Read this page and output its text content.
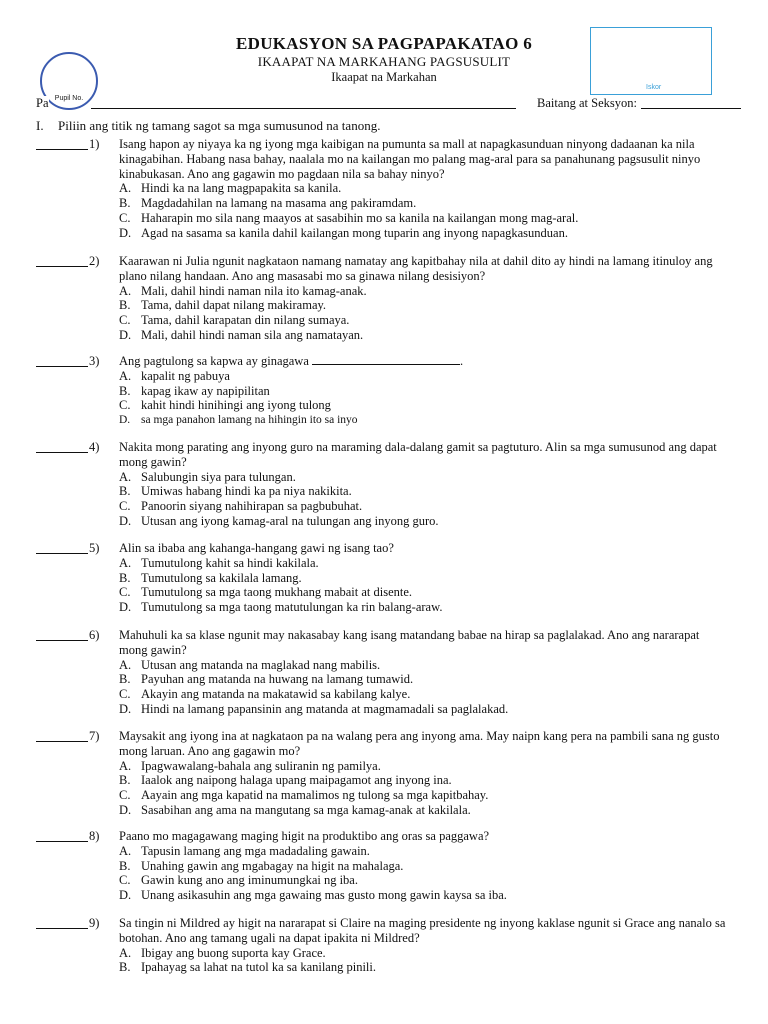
Pupil No.
EDUKASYON SA PAGPAPAKATAO 6
IKAAPAT NA MARKAHANG PAGSUSULIT
Ikaapat na Markahan
Iskor
Pa	Baitang at Seksyon:
I. Piliin ang titik ng tamang sagot sa mga sumusunod na tanong.
1)	Isang hapon ay niyaya ka ng iyong mga kaibigan na pumunta sa mall at napagkasunduan ninyong dadaanan ka nila kinagabihan. Habang nasa bahay, naalala mo na kailangan mo palang mag-aral para sa panahunang pagsusulit ninyo kinabukasan. Ano ang gagawin mo pagdaan nila sa bahay ninyo?
A. Hindi ka na lang magpapakita sa kanila.
B. Magdadahilan na lamang na masama ang pakiramdam.
C. Haharapin mo sila nang maayos at sasabihin mo sa kanila na kailangan mong mag-aral.
D. Agad na sasama sa kanila dahil kailangan mong tuparin ang inyong napagkasunduan.
2)	Kaarawan ni Julia ngunit nagkataon namang namatay ang kapitbahay nila at dahil dito ay hindi na lamang itinuloy ang plano nilang handaan. Ano ang masasabi mo sa ginawa nilang desisiyon?
A. Mali, dahil hindi naman nila ito kamag-anak.
B. Tama, dahil dapat nilang makiramay.
C. Tama, dahil karapatan din nilang sumaya.
D. Mali, dahil hindi naman sila ang namatayan.
3)	Ang pagtulong sa kapwa ay ginagawa	.
A. kapalit ng pabuya
B. kapag ikaw ay napipilitan
C. kahit hindi hinihingi ang iyong tulong
D. sa mga panahon lamang na hihingin ito sa inyo
4)	Nakita mong parating ang inyong guro na maraming dala-dalang gamit sa pagtuturo. Alin sa mga sumusunod ang dapat mong gawin?
A. Salubungin siya para tulungan.
B. Umiwas habang hindi ka pa niya nakikita.
C. Panoorin siyang nahihirapan sa pagbubuhat.
D. Utusan ang iyong kamag-aral na tulungan ang inyong guro.
5)	Alin sa ibaba ang kahanga-hangang gawi ng isang tao?
A. Tumutulong kahit sa hindi kakilala.
B. Tumutulong sa kakilala lamang.
C. Tumutulong sa mga taong mukhang mabait at disente.
D. Tumutulong sa mga taong matutulungan ka rin balang-araw.
6)	Mahuhuli ka sa klase ngunit may nakasabay kang isang matandang babae na hirap sa paglalakad. Ano ang nararapat mong gawin?
A. Utusan ang matanda na maglakad nang mabilis.
B. Payuhan ang matanda na huwang na lamang tumawid.
C. Akayin ang matanda na makatawid sa kabilang kalye.
D. Hindi na lamang papansinin ang matanda at magmamadali sa paglalakad.
7)	Maysakit ang iyong ina at nagkataon pa na walang pera ang inyong ama. May naipn kang pera na pambili sana ng gusto mong laruan. Ano ang gagawin mo?
A. Ipagwawalang-bahala ang suliranin ng pamilya.
B. Iaalok ang naipong halaga upang maipagamot ang inyong ina.
C. Aayain ang mga kapatid na mamalimos ng tulong sa mga kapitbahay.
D. Sasabihan ang ama na mangutang sa mga kamag-anak at kakilala.
8)	Paano mo magagawang maging higit na produktibo ang oras sa paggawa?
A. Tapusin lamang ang mga madadaling gawain.
B. Unahing gawin ang mgabagay na higit na mahalaga.
C. Gawin kung ano ang iminumungkai ng iba.
D. Unang asikasuhin ang mga gawaing mas gusto mong gawin kaysa sa iba.
9)	Sa tingin ni Mildred ay higit na nararapat si Claire na maging presidente ng inyong kaklase ngunit si Grace ang nanalo sa botohan. Ano ang tamang ugali na dapat ipakita ni Mildred?
A. Ibigay ang buong suporta kay Grace.
B. Ipahayag sa lahat na tutol ka sa kanilang pinili.
